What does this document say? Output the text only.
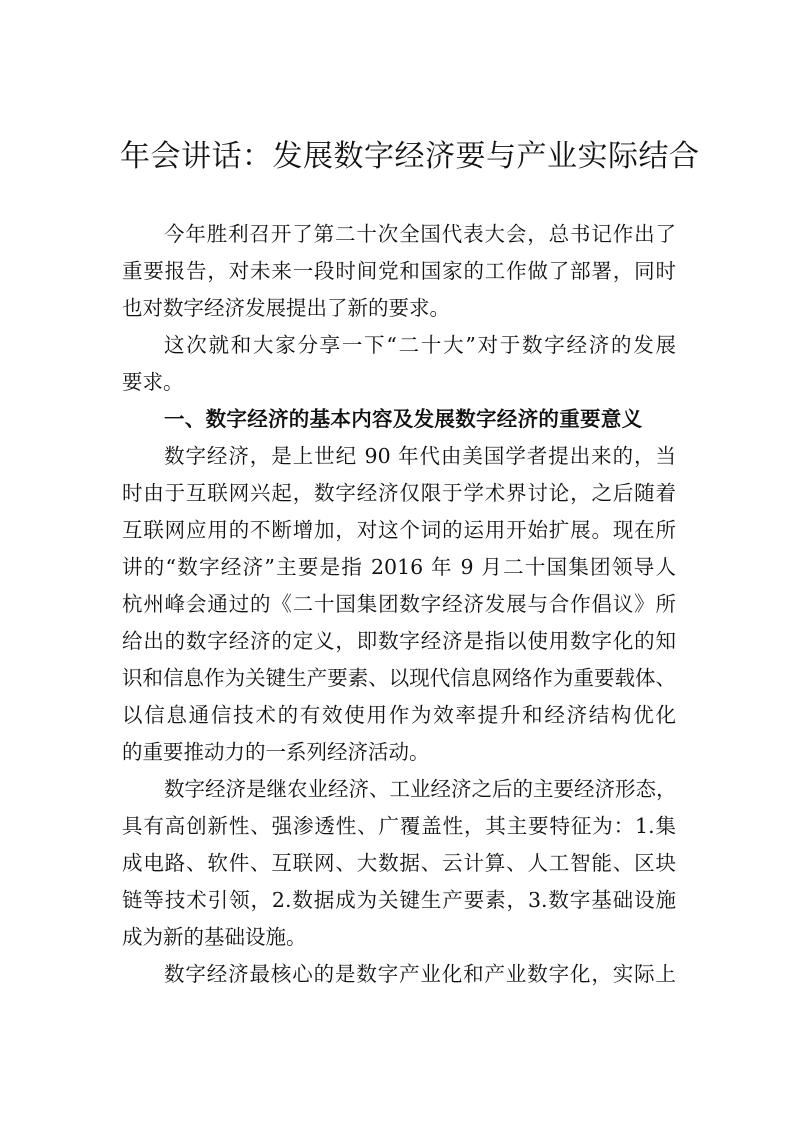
年会讲话：发展数字经济要与产业实际结合
今年胜利召开了第二十次全国代表大会，总书记作出了
重要报告，对未来一段时间党和国家的工作做了部署，同时
也对数字经济发展提出了新的要求。
这次就和大家分享一下“二十大”对于数字经济的发展
要求。
一、数字经济的基本内容及发展数字经济的重要意义
数字经济，是上世纪 90 年代由美国学者提出来的，当
时由于互联网兴起，数字经济仅限于学术界讨论，之后随着
互联网应用的不断增加，对这个词的运用开始扩展。现在所
讲的“数字经济”主要是指 2016 年 9 月二十国集团领导人
杭州峰会通过的《二十国集团数字经济发展与合作倡议》所
给出的数字经济的定义，即数字经济是指以使用数字化的知
识和信息作为关键生产要素、以现代信息网络作为重要载体、
以信息通信技术的有效使用作为效率提升和经济结构优化
的重要推动力的一系列经济活动。
数字经济是继农业经济、工业经济之后的主要经济形态，
具有高创新性、强渗透性、广覆盖性，其主要特征为：1.集
成电路、软件、互联网、大数据、云计算、人工智能、区块
链等技术引领，2.数据成为关键生产要素，3.数字基础设施
成为新的基础设施。
数字经济最核心的是数字产业化和产业数字化，实际上
